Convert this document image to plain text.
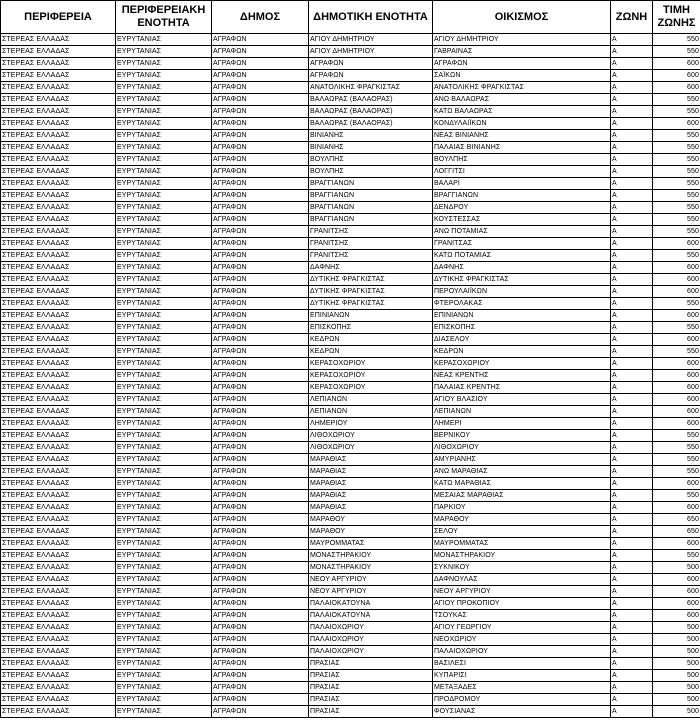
ΠΕΡΙΦΕΡΕΙΑ	ΠΕΡΙΦΕΡΕΙΑΚΗ ΕΝΟΤΗΤΑ	ΔΗΜΟΣ	ΔΗΜΟΤΙΚΗ ΕΝΟΤΗΤΑ	ΟΙΚΙΣΜΟΣ	ΖΩΝΗ	ΤΙΜΗ ΖΩΝΗΣ
ΣΤΕΡΕΑΣ ΕΛΛΑΔΑΣ	ΕΥΡΥΤΑΝΙΑΣ	ΑΓΡΑΦΩΝ	ΑΓΙΟΥ ΔΗΜΗΤΡΙΟΥ	ΑΓΙΟΥ ΔΗΜΗΤΡΙΟΥ	Α	550
ΣΤΕΡΕΑΣ ΕΛΛΑΔΑΣ	ΕΥΡΥΤΑΝΙΑΣ	ΑΓΡΑΦΩΝ	ΑΓΙΟΥ ΔΗΜΗΤΡΙΟΥ	ΓΑΒΡΑΙΝΑΣ	Α	550
ΣΤΕΡΕΑΣ ΕΛΛΑΔΑΣ	ΕΥΡΥΤΑΝΙΑΣ	ΑΓΡΑΦΩΝ	ΑΓΡΑΦΩΝ	ΑΓΡΑΦΩΝ	Α	600
ΣΤΕΡΕΑΣ ΕΛΛΑΔΑΣ	ΕΥΡΥΤΑΝΙΑΣ	ΑΓΡΑΦΩΝ	ΑΓΡΑΦΩΝ	ΣΑΪΚΩΝ	Α	600
ΣΤΕΡΕΑΣ ΕΛΛΑΔΑΣ	ΕΥΡΥΤΑΝΙΑΣ	ΑΓΡΑΦΩΝ	ΑΝΑΤΟΛΙΚΗΣ ΦΡΑΓΚΙΣΤΑΣ	ΑΝΑΤΟΛΙΚΗΣ ΦΡΑΓΚΙΣΤΑΣ	Α	600
ΣΤΕΡΕΑΣ ΕΛΛΑΔΑΣ	ΕΥΡΥΤΑΝΙΑΣ	ΑΓΡΑΦΩΝ	ΒΑΛΑΩΡΑΣ (ΒΑΛΑΟΡΑΣ)	ΑΝΩ ΒΑΛΑΩΡΑΣ	Α	550
ΣΤΕΡΕΑΣ ΕΛΛΑΔΑΣ	ΕΥΡΥΤΑΝΙΑΣ	ΑΓΡΑΦΩΝ	ΒΑΛΑΩΡΑΣ (ΒΑΛΑΟΡΑΣ)	ΚΑΤΩ ΒΑΛΑΩΡΑΣ	Α	550
ΣΤΕΡΕΑΣ ΕΛΛΑΔΑΣ	ΕΥΡΥΤΑΝΙΑΣ	ΑΓΡΑΦΩΝ	ΒΑΛΑΩΡΑΣ (ΒΑΛΑΟΡΑΣ)	ΚΟΝΔΥΛΑΙΪΚΩΝ	Α	600
ΣΤΕΡΕΑΣ ΕΛΛΑΔΑΣ	ΕΥΡΥΤΑΝΙΑΣ	ΑΓΡΑΦΩΝ	ΒΙΝΙΑΝΗΣ	ΝΕΑΣ ΒΙΝΙΑΝΗΣ	Α	550
ΣΤΕΡΕΑΣ ΕΛΛΑΔΑΣ	ΕΥΡΥΤΑΝΙΑΣ	ΑΓΡΑΦΩΝ	ΒΙΝΙΑΝΗΣ	ΠΑΛΑΙΑΣ ΒΙΝΙΑΝΗΣ	Α	550
ΣΤΕΡΕΑΣ ΕΛΛΑΔΑΣ	ΕΥΡΥΤΑΝΙΑΣ	ΑΓΡΑΦΩΝ	ΒΟΥΛΠΗΣ	ΒΟΥΛΠΗΣ	Α	550
ΣΤΕΡΕΑΣ ΕΛΛΑΔΑΣ	ΕΥΡΥΤΑΝΙΑΣ	ΑΓΡΑΦΩΝ	ΒΟΥΛΠΗΣ	ΛΟΓΓΙΤΣΙ	Α	550
ΣΤΕΡΕΑΣ ΕΛΛΑΔΑΣ	ΕΥΡΥΤΑΝΙΑΣ	ΑΓΡΑΦΩΝ	ΒΡΑΓΓΙΑΝΩΝ	ΒΑΛΑΡΙ	Α	550
ΣΤΕΡΕΑΣ ΕΛΛΑΔΑΣ	ΕΥΡΥΤΑΝΙΑΣ	ΑΓΡΑΦΩΝ	ΒΡΑΓΓΙΑΝΩΝ	ΒΡΑΓΓΙΑΝΩΝ	Α	550
ΣΤΕΡΕΑΣ ΕΛΛΑΔΑΣ	ΕΥΡΥΤΑΝΙΑΣ	ΑΓΡΑΦΩΝ	ΒΡΑΓΓΙΑΝΩΝ	ΔΕΝΔΡΟΥ	Α	550
ΣΤΕΡΕΑΣ ΕΛΛΑΔΑΣ	ΕΥΡΥΤΑΝΙΑΣ	ΑΓΡΑΦΩΝ	ΒΡΑΓΓΙΑΝΩΝ	ΚΟΥΣΤΕΣΣΑΣ	Α	550
ΣΤΕΡΕΑΣ ΕΛΛΑΔΑΣ	ΕΥΡΥΤΑΝΙΑΣ	ΑΓΡΑΦΩΝ	ΓΡΑΝΙΤΣΗΣ	ΑΝΩ ΠΟΤΑΜΙΑΣ	Α	550
ΣΤΕΡΕΑΣ ΕΛΛΑΔΑΣ	ΕΥΡΥΤΑΝΙΑΣ	ΑΓΡΑΦΩΝ	ΓΡΑΝΙΤΣΗΣ	ΓΡΑΝΙΤΣΑΣ	Α	600
ΣΤΕΡΕΑΣ ΕΛΛΑΔΑΣ	ΕΥΡΥΤΑΝΙΑΣ	ΑΓΡΑΦΩΝ	ΓΡΑΝΙΤΣΗΣ	ΚΑΤΩ ΠΟΤΑΜΙΑΣ	Α	550
ΣΤΕΡΕΑΣ ΕΛΛΑΔΑΣ	ΕΥΡΥΤΑΝΙΑΣ	ΑΓΡΑΦΩΝ	ΔΑΦΝΗΣ	ΔΑΦΝΗΣ	Α	600
ΣΤΕΡΕΑΣ ΕΛΛΑΔΑΣ	ΕΥΡΥΤΑΝΙΑΣ	ΑΓΡΑΦΩΝ	ΔΥΤΙΚΗΣ ΦΡΑΓΚΙΣΤΑΣ	ΔΥΤΙΚΗΣ ΦΡΑΓΚΙΣΤΑΣ	Α	600
ΣΤΕΡΕΑΣ ΕΛΛΑΔΑΣ	ΕΥΡΥΤΑΝΙΑΣ	ΑΓΡΑΦΩΝ	ΔΥΤΙΚΗΣ ΦΡΑΓΚΙΣΤΑΣ	ΠΕΡΟΥΛΑΙΪΚΩΝ	Α	600
ΣΤΕΡΕΑΣ ΕΛΛΑΔΑΣ	ΕΥΡΥΤΑΝΙΑΣ	ΑΓΡΑΦΩΝ	ΔΥΤΙΚΗΣ ΦΡΑΓΚΙΣΤΑΣ	ΦΤΕΡΟΛΑΚΑΣ	Α	550
ΣΤΕΡΕΑΣ ΕΛΛΑΔΑΣ	ΕΥΡΥΤΑΝΙΑΣ	ΑΓΡΑΦΩΝ	ΕΠΙΝΙΑΝΩΝ	ΕΠΙΝΙΑΝΩΝ	Α	600
ΣΤΕΡΕΑΣ ΕΛΛΑΔΑΣ	ΕΥΡΥΤΑΝΙΑΣ	ΑΓΡΑΦΩΝ	ΕΠΙΣΚΟΠΗΣ	ΕΠΙΣΚΟΠΗΣ	Α	550
ΣΤΕΡΕΑΣ ΕΛΛΑΔΑΣ	ΕΥΡΥΤΑΝΙΑΣ	ΑΓΡΑΦΩΝ	ΚΕΔΡΩΝ	ΔΙΑΣΕΛΟΥ	Α	600
ΣΤΕΡΕΑΣ ΕΛΛΑΔΑΣ	ΕΥΡΥΤΑΝΙΑΣ	ΑΓΡΑΦΩΝ	ΚΕΔΡΩΝ	ΚΕΔΡΩΝ	Α	550
ΣΤΕΡΕΑΣ ΕΛΛΑΔΑΣ	ΕΥΡΥΤΑΝΙΑΣ	ΑΓΡΑΦΩΝ	ΚΕΡΑΣΟΧΩΡΙΟΥ	ΚΕΡΑΣΟΧΩΡΙΟΥ	Α	600
ΣΤΕΡΕΑΣ ΕΛΛΑΔΑΣ	ΕΥΡΥΤΑΝΙΑΣ	ΑΓΡΑΦΩΝ	ΚΕΡΑΣΟΧΩΡΙΟΥ	ΝΕΑΣ ΚΡΕΝΤΗΣ	Α	600
ΣΤΕΡΕΑΣ ΕΛΛΑΔΑΣ	ΕΥΡΥΤΑΝΙΑΣ	ΑΓΡΑΦΩΝ	ΚΕΡΑΣΟΧΩΡΙΟΥ	ΠΑΛΑΙΑΣ ΚΡΕΝΤΗΣ	Α	600
ΣΤΕΡΕΑΣ ΕΛΛΑΔΑΣ	ΕΥΡΥΤΑΝΙΑΣ	ΑΓΡΑΦΩΝ	ΛΕΠΙΑΝΩΝ	ΑΓΙΟΥ ΒΛΑΣΙΟΥ	Α	600
ΣΤΕΡΕΑΣ ΕΛΛΑΔΑΣ	ΕΥΡΥΤΑΝΙΑΣ	ΑΓΡΑΦΩΝ	ΛΕΠΙΑΝΩΝ	ΛΕΠΙΑΝΩΝ	Α	600
ΣΤΕΡΕΑΣ ΕΛΛΑΔΑΣ	ΕΥΡΥΤΑΝΙΑΣ	ΑΓΡΑΦΩΝ	ΛΗΜΕΡΙΟΥ	ΛΗΜΕΡΙ	Α	600
ΣΤΕΡΕΑΣ ΕΛΛΑΔΑΣ	ΕΥΡΥΤΑΝΙΑΣ	ΑΓΡΑΦΩΝ	ΛΙΘΟΧΩΡΙΟΥ	ΒΕΡΝΙΚΟΥ	Α	550
ΣΤΕΡΕΑΣ ΕΛΛΑΔΑΣ	ΕΥΡΥΤΑΝΙΑΣ	ΑΓΡΑΦΩΝ	ΛΙΘΟΧΩΡΙΟΥ	ΛΙΘΟΧΩΡΙΟΥ	Α	550
ΣΤΕΡΕΑΣ ΕΛΛΑΔΑΣ	ΕΥΡΥΤΑΝΙΑΣ	ΑΓΡΑΦΩΝ	ΜΑΡΑΘΙΑΣ	ΑΜΥΡΙΑΝΗΣ	Α	550
ΣΤΕΡΕΑΣ ΕΛΛΑΔΑΣ	ΕΥΡΥΤΑΝΙΑΣ	ΑΓΡΑΦΩΝ	ΜΑΡΑΘΙΑΣ	ΑΝΩ ΜΑΡΑΘΙΑΣ	Α	550
ΣΤΕΡΕΑΣ ΕΛΛΑΔΑΣ	ΕΥΡΥΤΑΝΙΑΣ	ΑΓΡΑΦΩΝ	ΜΑΡΑΘΙΑΣ	ΚΑΤΩ ΜΑΡΑΘΙΑΣ	Α	600
ΣΤΕΡΕΑΣ ΕΛΛΑΔΑΣ	ΕΥΡΥΤΑΝΙΑΣ	ΑΓΡΑΦΩΝ	ΜΑΡΑΘΙΑΣ	ΜΕΣΑΙΑΣ ΜΑΡΑΘΙΑΣ	Α	550
ΣΤΕΡΕΑΣ ΕΛΛΑΔΑΣ	ΕΥΡΥΤΑΝΙΑΣ	ΑΓΡΑΦΩΝ	ΜΑΡΑΘΙΑΣ	ΠΑΡΚΙΟΥ	Α	600
ΣΤΕΡΕΑΣ ΕΛΛΑΔΑΣ	ΕΥΡΥΤΑΝΙΑΣ	ΑΓΡΑΦΩΝ	ΜΑΡΑΘΟΥ	ΜΑΡΑΘΟΥ	Α	650
ΣΤΕΡΕΑΣ ΕΛΛΑΔΑΣ	ΕΥΡΥΤΑΝΙΑΣ	ΑΓΡΑΦΩΝ	ΜΑΡΑΘΟΥ	ΣΕΛΟΥ	Α	650
ΣΤΕΡΕΑΣ ΕΛΛΑΔΑΣ	ΕΥΡΥΤΑΝΙΑΣ	ΑΓΡΑΦΩΝ	ΜΑΥΡΟΜΜΑΤΑΣ	ΜΑΥΡΟΜΜΑΤΑΣ	Α	600
ΣΤΕΡΕΑΣ ΕΛΛΑΔΑΣ	ΕΥΡΥΤΑΝΙΑΣ	ΑΓΡΑΦΩΝ	ΜΟΝΑΣΤΗΡΑΚΙΟΥ	ΜΟΝΑΣΤΗΡΑΚΙΟΥ	Α	550
ΣΤΕΡΕΑΣ ΕΛΛΑΔΑΣ	ΕΥΡΥΤΑΝΙΑΣ	ΑΓΡΑΦΩΝ	ΜΟΝΑΣΤΗΡΑΚΙΟΥ	ΣΥΚΝΙΚΟΥ	Α	500
ΣΤΕΡΕΑΣ ΕΛΛΑΔΑΣ	ΕΥΡΥΤΑΝΙΑΣ	ΑΓΡΑΦΩΝ	ΝΕΟΥ ΑΡΓΥΡΙΟΥ	ΔΑΦΝΟΥΛΑΣ	Α	600
ΣΤΕΡΕΑΣ ΕΛΛΑΔΑΣ	ΕΥΡΥΤΑΝΙΑΣ	ΑΓΡΑΦΩΝ	ΝΕΟΥ ΑΡΓΥΡΙΟΥ	ΝΕΟΥ ΑΡΓΥΡΙΟΥ	Α	600
ΣΤΕΡΕΑΣ ΕΛΛΑΔΑΣ	ΕΥΡΥΤΑΝΙΑΣ	ΑΓΡΑΦΩΝ	ΠΑΛΑΙΟΚΑΤΟΥΝΑ	ΑΓΙΟΥ ΠΡΟΚΟΠΙΟΥ	Α	600
ΣΤΕΡΕΑΣ ΕΛΛΑΔΑΣ	ΕΥΡΥΤΑΝΙΑΣ	ΑΓΡΑΦΩΝ	ΠΑΛΑΙΟΚΑΤΟΥΝΑ	ΤΣΟΥΚΑΣ	Α	600
ΣΤΕΡΕΑΣ ΕΛΛΑΔΑΣ	ΕΥΡΥΤΑΝΙΑΣ	ΑΓΡΑΦΩΝ	ΠΑΛΑΙΟΧΩΡΙΟΥ	ΑΓΙΟΥ ΓΕΩΡΓΙΟΥ	Α	500
ΣΤΕΡΕΑΣ ΕΛΛΑΔΑΣ	ΕΥΡΥΤΑΝΙΑΣ	ΑΓΡΑΦΩΝ	ΠΑΛΑΙΟΧΩΡΙΟΥ	ΝΕΟΧΩΡΙΟΥ	Α	500
ΣΤΕΡΕΑΣ ΕΛΛΑΔΑΣ	ΕΥΡΥΤΑΝΙΑΣ	ΑΓΡΑΦΩΝ	ΠΑΛΑΙΟΧΩΡΙΟΥ	ΠΑΛΑΙΟΧΩΡΙΟΥ	Α	500
ΣΤΕΡΕΑΣ ΕΛΛΑΔΑΣ	ΕΥΡΥΤΑΝΙΑΣ	ΑΓΡΑΦΩΝ	ΠΡΑΣΙΑΣ	ΒΑΣΙΛΕΣΙ	Α	500
ΣΤΕΡΕΑΣ ΕΛΛΑΔΑΣ	ΕΥΡΥΤΑΝΙΑΣ	ΑΓΡΑΦΩΝ	ΠΡΑΣΙΑΣ	ΚΥΠΑΡΙΣΙ	Α	500
ΣΤΕΡΕΑΣ ΕΛΛΑΔΑΣ	ΕΥΡΥΤΑΝΙΑΣ	ΑΓΡΑΦΩΝ	ΠΡΑΣΙΑΣ	ΜΕΤΑΞΑΔΕΣ	Α	500
ΣΤΕΡΕΑΣ ΕΛΛΑΔΑΣ	ΕΥΡΥΤΑΝΙΑΣ	ΑΓΡΑΦΩΝ	ΠΡΑΣΙΑΣ	ΠΡΟΔΡΟΜΟΥ	Α	500
ΣΤΕΡΕΑΣ ΕΛΛΑΔΑΣ	ΕΥΡΥΤΑΝΙΑΣ	ΑΓΡΑΦΩΝ	ΠΡΑΣΙΑΣ	ΦΟΥΣΙΑΝΑΣ	Α	500
